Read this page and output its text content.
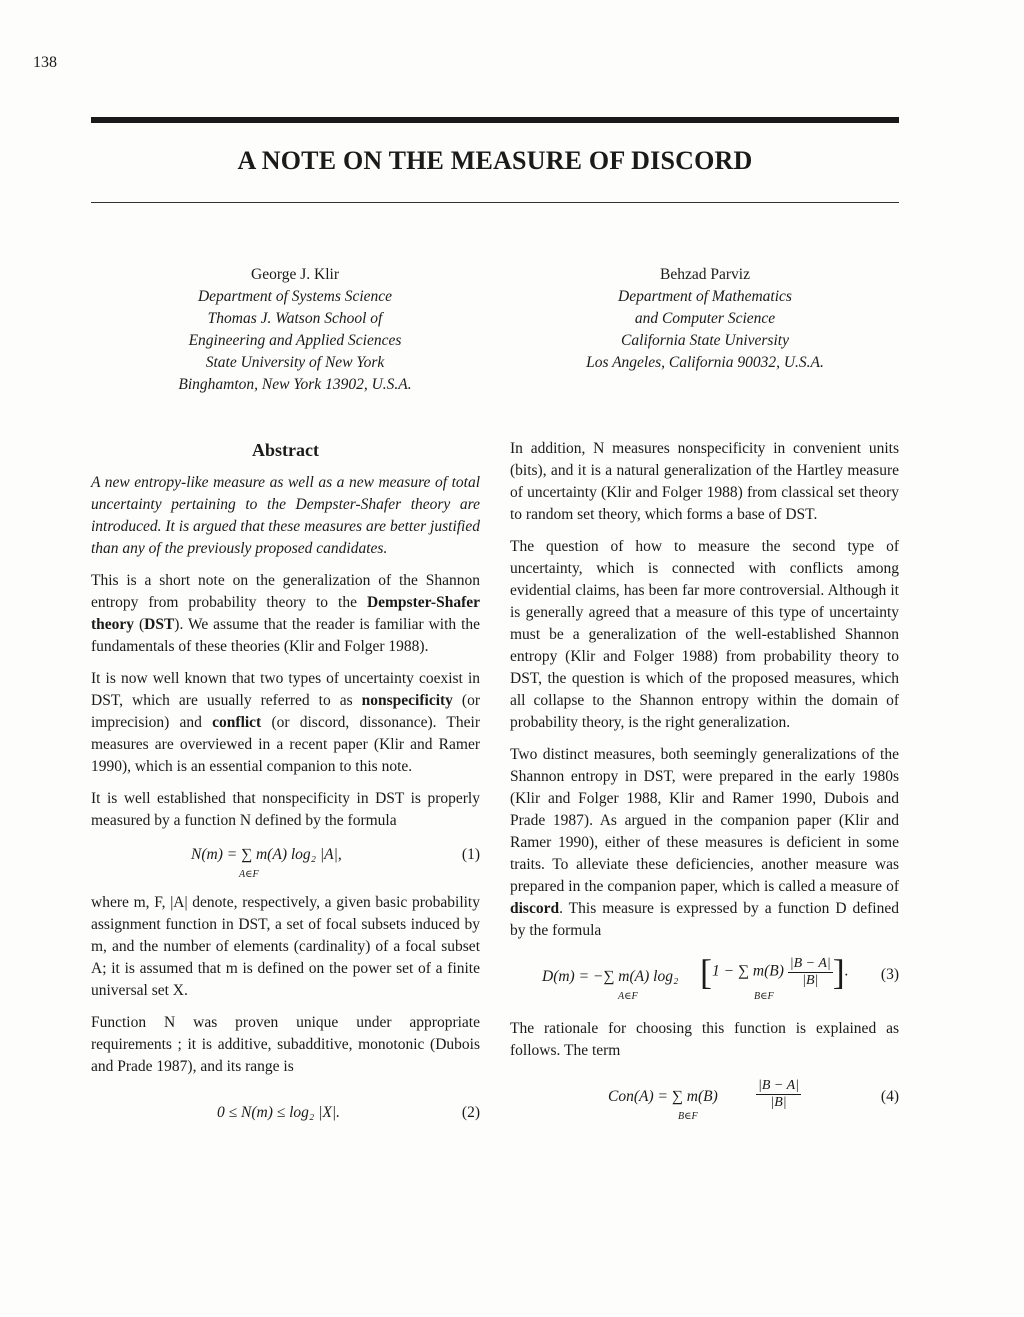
138
A NOTE ON THE MEASURE OF DISCORD
George J. Klir
Department of Systems Science
Thomas J. Watson School of
Engineering and Applied Sciences
State University of New York
Binghamton, New York 13902, U.S.A.
Behzad Parviz
Department of Mathematics
and Computer Science
California State University
Los Angeles, California 90032, U.S.A.
Abstract

A new entropy-like measure as well as a new measure of total uncertainty pertaining to the Dempster-Shafer theory are introduced. It is argued that these measures are better justified than any of the previously proposed candidates.

This is a short note on the generalization of the Shannon entropy from probability theory to the Dempster-Shafer theory (DST). We assume that the reader is familiar with the fundamentals of these theories (Klir and Folger 1988).

It is now well known that two types of uncertainty coexist in DST, which are usually referred to as nonspecificity (or imprecision) and conflict (or discord, dissonance). Their measures are overviewed in a recent paper (Klir and Ramer 1990), which is an essential companion to this note.

It is well established that nonspecificity in DST is properly measured by a function N defined by the formula

N(m) = ∑ m(A) log₂ |A|,
A∈F
(1)

where m, F, |A| denote, respectively, a given basic probability assignment function in DST, a set of focal subsets induced by m, and the number of elements (cardinality) of a focal subset A; it is assumed that m is defined on the power set of a finite universal set X.

Function N was proven unique under appropriate requirements ; it is additive, subadditive, monotonic (Dubois and Prade 1987), and its range is

0 ≤ N(m) ≤ log₂ |X|.	(2)

In addition, N measures nonspecificity in convenient units (bits), and it is a natural generalization of the Hartley measure of uncertainty (Klir and Folger 1988) from classical set theory to random set theory, which forms a base of DST.

The question of how to measure the second type of uncertainty, which is connected with conflicts among evidential claims, has been far more controversial. Although it is generally agreed that a measure of this type of uncertainty must be a generalization of the well-established Shannon entropy (Klir and Folger 1988) from probability theory to DST, the question is which of the proposed measures, which all collapse to the Shannon entropy within the domain of probability theory, is the right generalization.

Two distinct measures, both seemingly generalizations of the Shannon entropy in DST, were prepared in the early 1980s (Klir and Folger 1988, Klir and Ramer 1990, Dubois and Prade 1987). As argued in the companion paper (Klir and Ramer 1990), either of these measures is deficient in some traits. To alleviate these deficiencies, another measure was prepared in the companion paper, which is called a measure of discord. This measure is expressed by a function D defined by the formula

D(m) = −∑ m(A) log₂
A∈F
[1 − ∑ $m(B) \frac{|B - A|}{|B|}$ ].
B∈F
(3)

The rationale for choosing this function is explained as follows. The term

Con(A) = ∑ m(B)
B∈F
$\frac{|B - A|}{|B|}$	(4)
